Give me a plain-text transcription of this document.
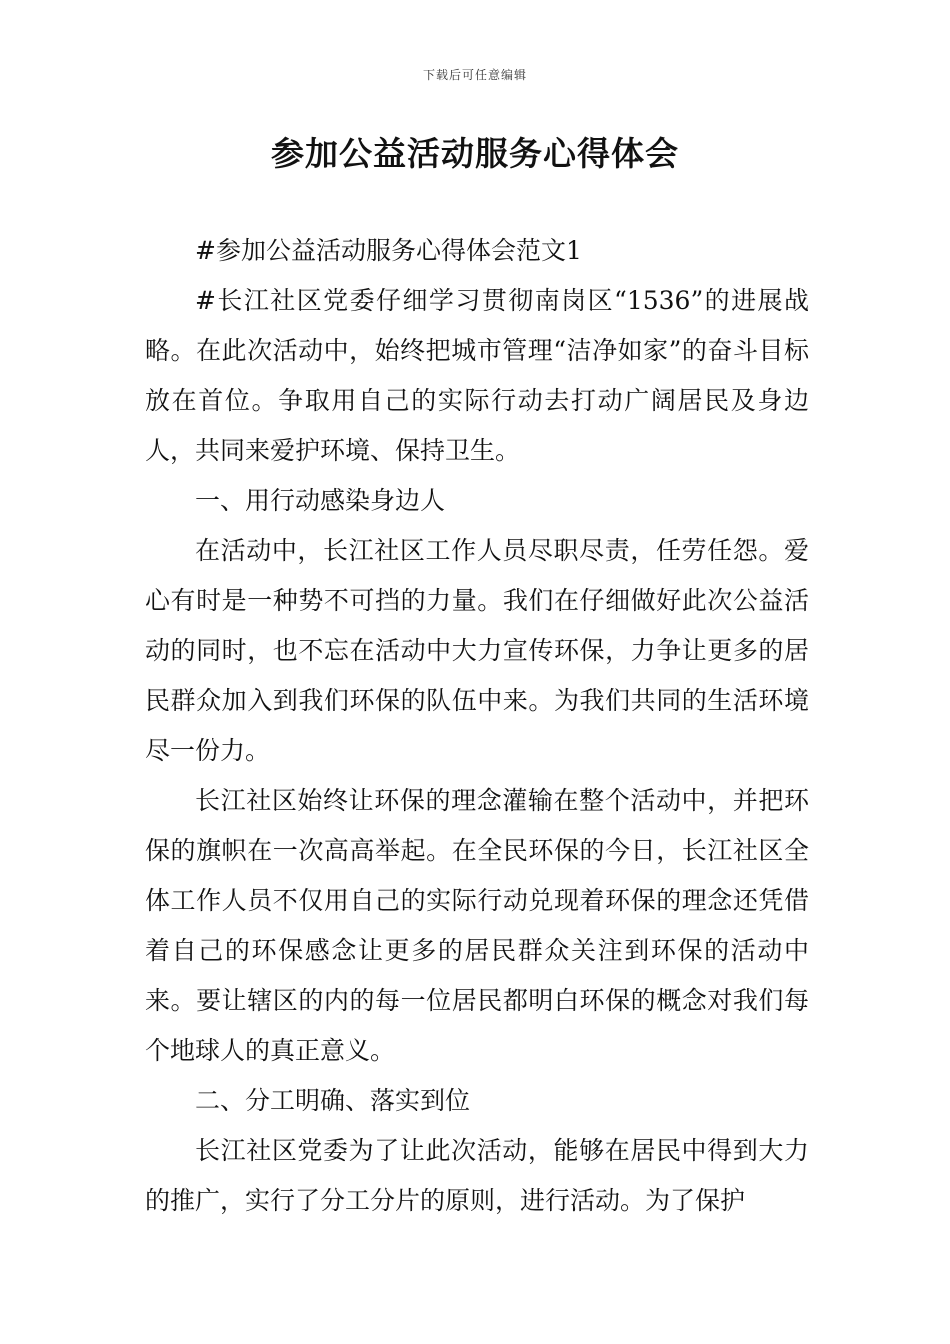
下载后可任意编辑
参加公益活动服务心得体会

#参加公益活动服务心得体会范文1

#长江社区党委仔细学习贯彻南岗区“1536”的进展战略。在此次活动中，始终把城市管理“洁净如家”的奋斗目标放在首位。争取用自己的实际行动去打动广阔居民及身边人，共同来爱护环境、保持卫生。

一、用行动感染身边人

在活动中，长江社区工作人员尽职尽责，任劳任怨。爱心有时是一种势不可挡的力量。我们在仔细做好此次公益活动的同时，也不忘在活动中大力宣传环保，力争让更多的居民群众加入到我们环保的队伍中来。为我们共同的生活环境尽一份力。

长江社区始终让环保的理念灌输在整个活动中，并把环保的旗帜在一次高高举起。在全民环保的今日，长江社区全体工作人员不仅用自己的实际行动兑现着环保的理念还凭借着自己的环保感念让更多的居民群众关注到环保的活动中来。要让辖区的内的每一位居民都明白环保的概念对我们每个地球人的真正意义。

二、分工明确、落实到位

长江社区党委为了让此次活动，能够在居民中得到大力的推广，实行了分工分片的原则，进行活动。为了保护
